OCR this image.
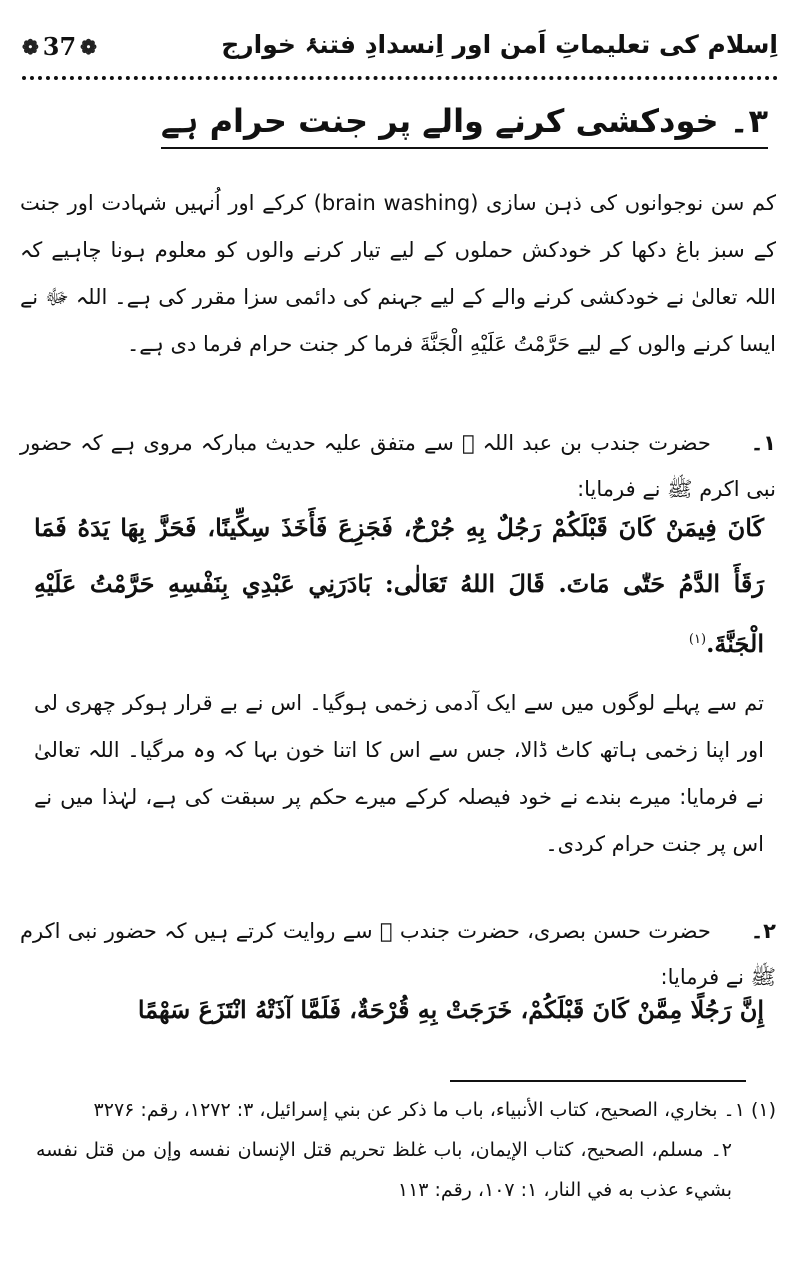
❁ 37 ❁	اِسلام کی تعلیماتِ اَمن اور اِنسدادِ فتنۂ خوارج
۳۔ خودکشی کرنے والے پر جنت حرام ہے
کم سن نوجوانوں کی ذہن سازی (brain washing) کرکے اور اُنہیں شہادت اور جنت کے سبز باغ دکھا کر خودکش حملوں کے لیے تیار کرنے والوں کو معلوم ہونا چاہیے کہ اللہ تعالیٰ نے خودکشی کرنے والے کے لیے جہنم کی دائمی سزا مقرر کی ہے۔ اللہ ﷻ نے ایسا کرنے والوں کے لیے حَرَّمْتُ عَلَيْهِ الْجَنَّةَ فرما کر جنت حرام فرما دی ہے۔
۱۔حضرت جندب بن عبد اللہ ﷜ سے متفق علیہ حدیث مبارکہ مروی ہے کہ حضور نبی اکرم ﷺ نے فرمایا:
كَانَ فِيمَنْ كَانَ قَبْلَكُمْ رَجُلٌ بِهِ جُرْحٌ، فَجَزِعَ فَأَخَذَ سِكِّينًا، فَحَزَّ بِهَا يَدَهُ فَمَا رَقَأَ الدَّمُ حَتّٰى مَاتَ. قَالَ اللهُ تَعَالٰى: بَادَرَنِي عَبْدِي بِنَفْسِهِ حَرَّمْتُ عَلَيْهِ الْجَنَّةَ.$^{(۱)}$
تم سے پہلے لوگوں میں سے ایک آدمی زخمی ہوگیا۔ اس نے بے قرار ہوکر چھری لی اور اپنا زخمی ہاتھ کاٹ ڈالا، جس سے اس کا اتنا خون بہا کہ وہ مرگیا۔ اللہ تعالیٰ نے فرمایا: میرے بندے نے خود فیصلہ کرکے میرے حکم پر سبقت کی ہے، لہٰذا میں نے اس پر جنت حرام کردی۔
۲۔حضرت حسن بصری، حضرت جندب ﷜ سے روایت کرتے ہیں کہ حضور نبی اکرم ﷺ نے فرمایا:
إِنَّ رَجُلًا مِمَّنْ كَانَ قَبْلَكُمْ، خَرَجَتْ بِهِ قُرْحَةٌ، فَلَمَّا آذَتْهُ انْتَزَعَ سَهْمًا
(۱) ۱۔ بخاري، الصحيح، كتاب الأنبياء، باب ما ذكر عن بني إسرائيل، ۳: ۱۲۷۲، رقم: ۳۲۷۶
۲۔ مسلم، الصحيح، كتاب الإيمان، باب غلظ تحريم قتل الإنسان نفسه وإن من قتل نفسه بشيء عذب به في النار، ۱: ۱۰۷، رقم: ۱۱۳
